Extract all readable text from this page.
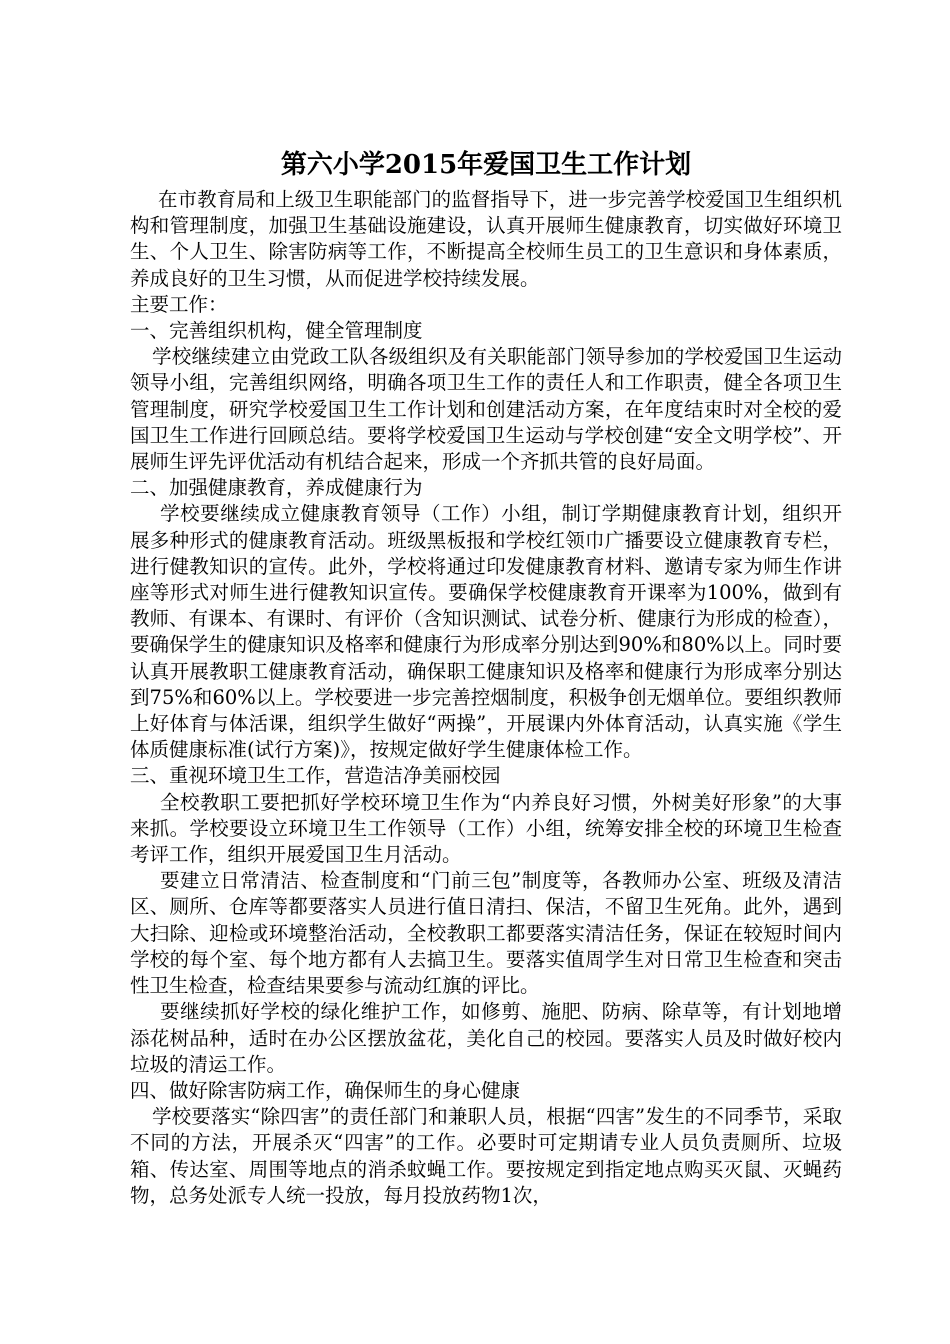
第六小学2015年爱国卫生工作计划

在市教育局和上级卫生职能部门的监督指导下，进一步完善学校爱国卫生组织机构和管理制度，加强卫生基础设施建设，认真开展师生健康教育，切实做好环境卫生、个人卫生、除害防病等工作，不断提高全校师生员工的卫生意识和身体素质，养成良好的卫生习惯，从而促进学校持续发展。

主要工作：

一、完善组织机构，健全管理制度

学校继续建立由党政工队各级组织及有关职能部门领导参加的学校爱国卫生运动领导小组，完善组织网络，明确各项卫生工作的责任人和工作职责，健全各项卫生管理制度，研究学校爱国卫生工作计划和创建活动方案，在年度结束时对全校的爱国卫生工作进行回顾总结。要将学校爱国卫生运动与学校创建“安全文明学校”、开展师生评先评优活动有机结合起来，形成一个齐抓共管的良好局面。

二、加强健康教育，养成健康行为

学校要继续成立健康教育领导（工作）小组，制订学期健康教育计划，组织开展多种形式的健康教育活动。班级黑板报和学校红领巾广播要设立健康教育专栏，进行健教知识的宣传。此外，学校将通过印发健康教育材料、邀请专家为师生作讲座等形式对师生进行健教知识宣传。要确保学校健康教育开课率为100%，做到有教师、有课本、有课时、有评价（含知识测试、试卷分析、健康行为形成的检查），要确保学生的健康知识及格率和健康行为形成率分别达到90%和80%以上。同时要认真开展教职工健康教育活动，确保职工健康知识及格率和健康行为形成率分别达到75%和60%以上。学校要进一步完善控烟制度，积极争创无烟单位。要组织教师上好体育与体活课，组织学生做好“两操”，开展课内外体育活动，认真实施《学生体质健康标准(试行方案)》，按规定做好学生健康体检工作。

三、重视环境卫生工作，营造洁净美丽校园

全校教职工要把抓好学校环境卫生作为“内养良好习惯，外树美好形象”的大事来抓。学校要设立环境卫生工作领导（工作）小组，统筹安排全校的环境卫生检查考评工作，组织开展爱国卫生月活动。

要建立日常清洁、检查制度和“门前三包”制度等，各教师办公室、班级及清洁区、厕所、仓库等都要落实人员进行值日清扫、保洁，不留卫生死角。此外，遇到大扫除、迎检或环境整治活动，全校教职工都要落实清洁任务，保证在较短时间内学校的每个室、每个地方都有人去搞卫生。要落实值周学生对日常卫生检查和突击性卫生检查，检查结果要参与流动红旗的评比。

要继续抓好学校的绿化维护工作，如修剪、施肥、防病、除草等，有计划地增添花树品种，适时在办公区摆放盆花，美化自己的校园。要落实人员及时做好校内垃圾的清运工作。

四、做好除害防病工作，确保师生的身心健康

学校要落实“除四害”的责任部门和兼职人员，根据“四害”发生的不同季节，采取不同的方法，开展杀灭“四害”的工作。必要时可定期请专业人员负责厕所、垃圾箱、传达室、周围等地点的消杀蚊蝇工作。要按规定到指定地点购买灭鼠、灭蝇药物，总务处派专人统一投放，每月投放药物1次，
